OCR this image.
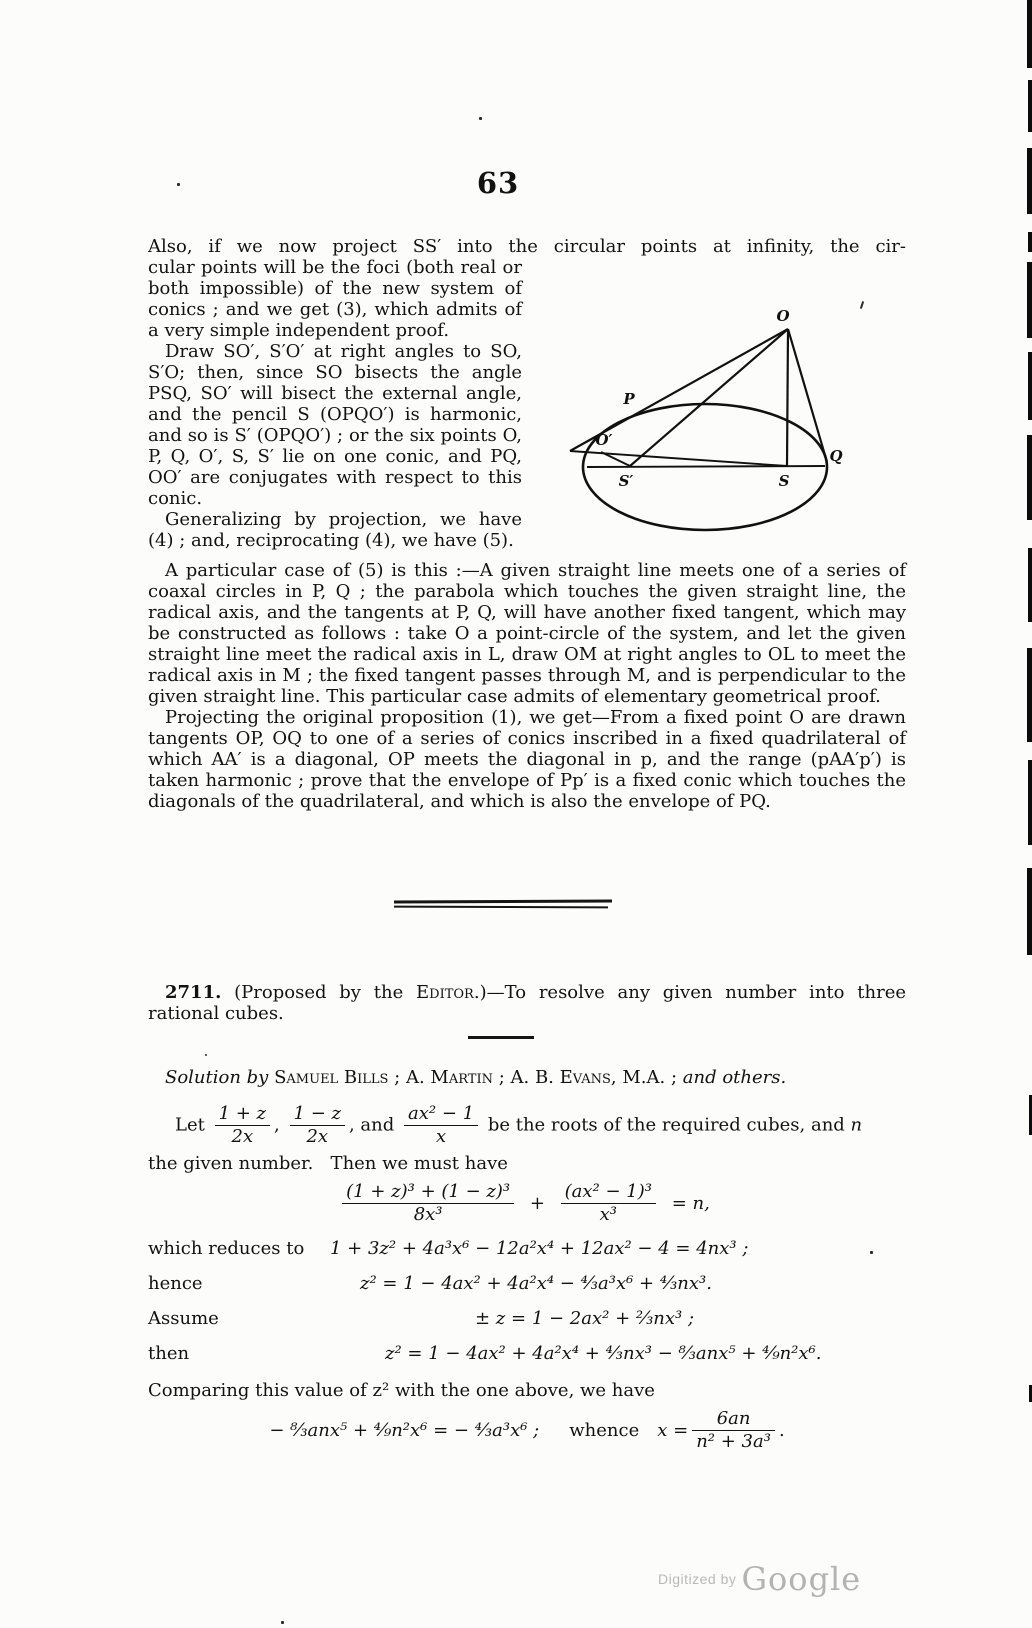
63
Also, if we now project SS′ into the circular points at infinity, the cir-
O
P
O′
S′	S
Q

cular points will be the foci (both real or both impossible) of the new system of conics ; and we get (3), which admits of a very simple independent proof.

Draw SO′, S′O′ at right angles to SO, S′O; then, since SO bisects the angle PSQ, SO′ will bisect the external angle, and the pencil S (OPQO′) is harmonic, and so is S′ (OPQO′) ; or the six points O, P, Q, O′, S, S′ lie on one conic, and PQ, OO′ are conjugates with respect to this conic.

Generalizing by projection, we have (4) ; and, reciprocating (4), we have (5).

A particular case of (5) is this :—A given straight line meets one of a series of coaxal circles in P, Q ; the parabola which touches the given straight line, the radical axis, and the tangents at P, Q, will have another fixed tangent, which may be constructed as follows : take O a point-circle of the system, and let the given straight line meet the radical axis in L, draw OM at right angles to OL to meet the radical axis in M ; the fixed tangent passes through M, and is perpendicular to the given straight line. This particular case admits of elementary geometrical proof.

Projecting the original proposition (1), we get—From a fixed point O are drawn tangents OP, OQ to one of a series of conics inscribed in a fixed quadrilateral of which AA′ is a diagonal, OP meets the diagonal in p, and the range (pAA′p′) is taken harmonic ; prove that the envelope of Pp′ is a fixed conic which touches the diagonals of the quadrilateral, and which is also the envelope of PQ.

2711. (Proposed by the Editor.)—To resolve any given number into three rational cubes.
Solution by Samuel Bills ; A. Martin ; A. B. Evans, M.A. ; and others.
Let $\frac{1 + z}{2x}$ , $\frac{1 - z}{2x}$ , and $\frac{\text{ax² − 1}}{x}$ be the roots of the required cubes, and n
the given number.   Then we must have
$\frac{\text{(1 + z)³ + (1 − z)³}}{\text{8x³}} + \frac{\text{(ax² − 1)³}}{\text{x³}} = n$,
which reduces to 1 + 3z² + 4a³x⁶ − 12a²x⁴ + 12ax² − 4 = 4nx³ ;
hence	z² = 1 − 4ax² + 4a²x⁴ − ⁴⁄₃a³x⁶ + ⁴⁄₃nx³.
Assume	± z = 1 − 2ax² + ²⁄₃nx³ ;
then	z² = 1 − 4ax² + 4a²x⁴ + ⁴⁄₃nx³ − ⁸⁄₃anx⁵ + ⁴⁄₉n²x⁶.
Comparing this value of z² with the one above, we have
− ⁸⁄₃anx⁵ + ⁴⁄₉n²x⁶ = − ⁴⁄₃a³x⁶ ; whence $x = \frac{6an}{\text{n² + 3a³}}$ .
Digitized by Google
